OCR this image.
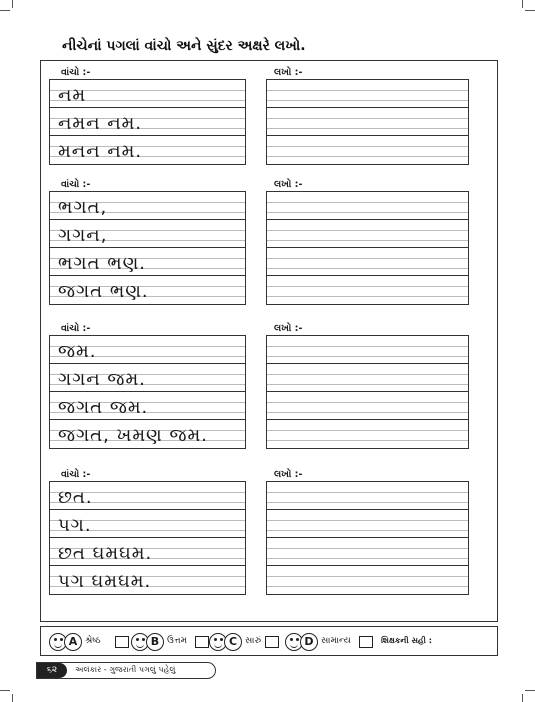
નીચેનાં પગલાં વાંચો અને સુંદર અક્ષરે લખો.
વાંચો :-	લખો :-
નમ
નમન નમ.
મનન નમ.
વાંચો :-	લખો :-
ભગત,
ગગન,
ભગત ભણ.
જગત ભણ.
વાંચો :-	લખો :-
જમ.
ગગન જમ.
જગત જમ.
જગત, ખમણ જમ.
વાંચો :-	લખો :-
છત.
પગ.
છત ઘમઘમ.
પગ ઘમઘમ.
A શ્રેષ્ઠ	B ઉત્તમ	C સારું	D સામાન્ય	શિક્ષકની સહી :
૬૨	અલંકાર - ગુજરાતી પગલું પહેલું
